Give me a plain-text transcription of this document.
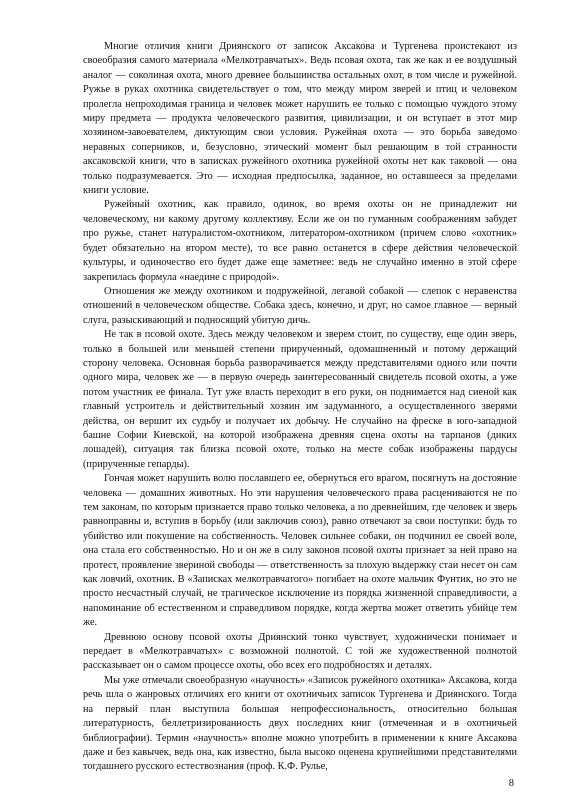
Многие отличия книги Дриянского от записок Аксакова и Тургенева проистекают из своеобразия самого материала «Мелкотравчатых». Ведь псовая охота, так же как и ее воздушный аналог — соколиная охота, много древнее большинства остальных охот, в том числе и ружейной. Ружье в руках охотника свидетельствует о том, что между миром зверей и птиц и человеком пролегла непроходимая граница и человек может нарушить ее только с помощью чуждого этому миру предмета — продукта человеческого развития, цивилизации, и он вступает в этот мир хозяином-завоевателем, диктующим свои условия. Ружейная охота — это борьба заведомо неравных соперников, и, безусловно, этический момент был решающим в той странности аксаковской книги, что в записках ружейного охотника ружейной охоты нет как таковой — она только подразумевается. Это — исходная предпосылка, заданное, но оставшееся за пределами книги условие.

Ружейный охотник, как правило, одинок, во время охоты он не принадлежит ни человеческому, ни какому другому коллективу. Если же он по гуманным соображениям забудет про ружье, станет натуралистом-охотником, литератором-охотником (причем слово «охотник» будет обязательно на втором месте), то все равно останется в сфере действия человеческой культуры, и одиночество его будет даже еще заметнее: ведь не случайно именно в этой сфере закрепилась формула «наедине с природой».

Отношения же между охотником и подружейной, легавой собакой — слепок с неравенства отношений в человеческом обществе. Собака здесь, конечно, и друг, но самое главное — верный слуга, разыскивающий и подносящий убитую дичь.

Не так в псовой охоте. Здесь между человеком и зверем стоит, по существу, еще один зверь, только в большей или меньшей степени прирученный, одомашненный и потому держащий сторону человека. Основная борьба разворачивается между представителями одного или почти одного мира, человек же — в первую очередь заинтересованный свидетель псовой охоты, а уже потом участник ее финала. Тут уже власть переходит в его руки, он поднимается над сиеной как главный устроитель и действительный хозяин им задуманного, а осуществленного зверями действа, он вершит их судьбу и получает их добычу. Не случайно на фреске в юго-западной башне Софии Киевской, на которой изображена древняя сцена охоты на тарпанов (диких лошадей), ситуация так близка псовой охоте, только на месте собак изображены пардусы (прирученные гепарды).

Гончая может нарушить волю пославшего ее, обернуться его врагом, посягнуть на достояние человека — домашних животных. Но эти нарушения человеческого права расцениваются не по тем законам, по которым признается право только человека, а по древнейшим, где человек и зверь равноправны и, вступив в борьбу (или заключив союз), равно отвечают за свои поступки: будь то убийство или покушение на собственность. Человек сильнее собаки, он подчинил ее своей воле, она стала его собственностью. Но и он же в силу законов псовой охоты признает за ней право на протест, проявление звериной свободы — ответственность за плохую выдержку стаи несет он сам как ловчий, охотник. В «Записках мелкотравчатого» погибает на охоте мальчик Фунтик, но это не просто несчастный случай, не трагическое исключение из порядка жизненной справедливости, а напоминание об естественном и справедливом порядке, когда жертва может ответить убийце тем же.

Древнюю основу псовой охоты Дриянский тонко чувствует, художнически понимает и передает в «Мелкотравчатых» с возможной полнотой. С той же художественной полнотой рассказывает он о самом процессе охоты, обо всех его подробностях и деталях.

Мы уже отмечали своеобразную «научность» «Записок ружейного охотника» Аксакова, когда речь шла о жанровых отличиях его книги от охотничьих записок Тургенева и Дриянского. Тогда на первый план выступила большая непрофессиональность, относительно большая литературность, беллетризированность двух последних книг (отмеченная и в охотничьей библиографии). Термин «научность» вполне можно употребить в применении к книге Аксакова даже и без кавычек, ведь она, как известно, была высоко оценена крупнейшими представителями тогдашнего русского естествознания (проф. К.Ф. Рулье,

8
